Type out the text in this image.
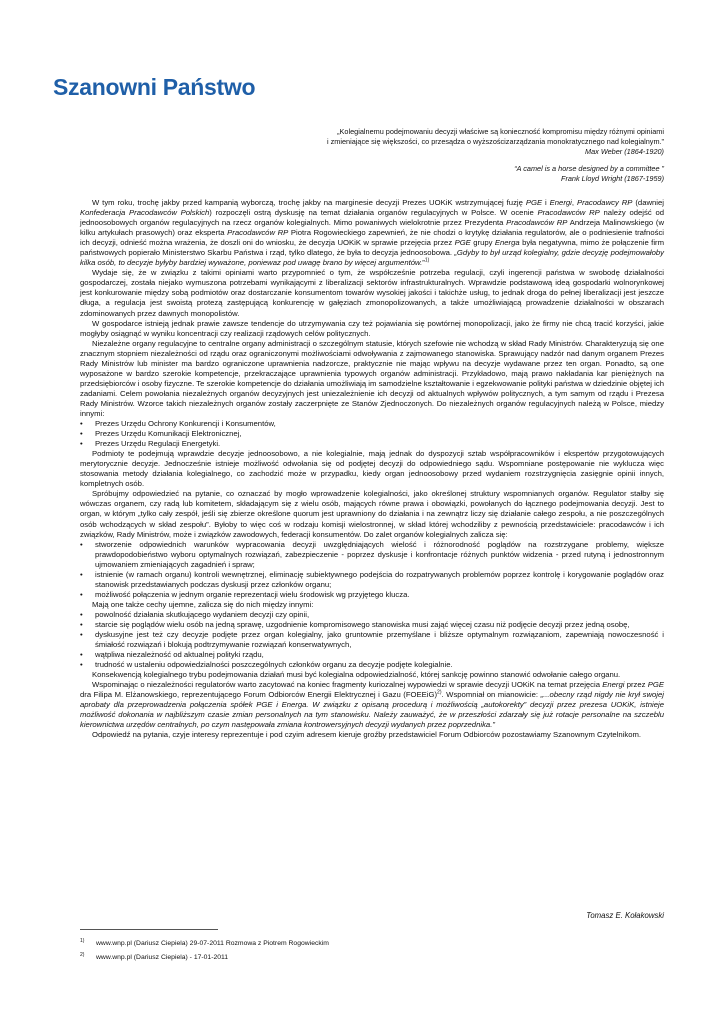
Szanowni Państwo
„Kolegialnemu podejmowaniu decyzji właściwe są konieczność kompromisu między różnymi opiniami
i zmieniające się większości, co przesądza o wyższościzarządzania monokratycznego nad kolegialnym.”
Max Weber (1864-1920)
“A camel is a horse designed by a committee ”
Frank Lloyd Wright (1867-1959)

W tym roku, trochę jakby przed kampanią wyborczą, trochę jakby na marginesie decyzji Prezes UOKiK wstrzymującej fuzję PGE i Energi, Pracodawcy RP (dawniej Konfederacja Pracodawców Polskich) rozpoczęli ostrą dyskusję na temat działania organów regulacyjnych w Polsce. W ocenie Pracodawców RP należy odejść od jednoosobowych organów regulacyjnych na rzecz organów kolegialnych. Mimo powaniwych wielokrotnie przez Prezydenta Pracodawców RP Andrzeja Malinowskiego (w kilku artykułach prasowych) oraz eksperta Pracodawców RP Piotra Rogowieckiego zapewnień, że nie chodzi o krytykę działania regulatorów, ale o podniesienie trafności ich decyzji, odnieść można wrażenia, że doszli oni do wniosku, że decyzja UOKiK w sprawie przejęcia przez PGE grupy Energa była negatywna, mimo że połączenie firm państwowych popierało Ministerstwo Skarbu Państwa i rząd, tylko dlatego, że była to decyzja jednoosobowa. „Gdyby to był urząd kolegialny, gdzie decyzję podejmowałoby kilka osób, to decyzje byłyby bardziej wyważone, poniewaz pod uwagę brano by więcej argumentów.”$^{1)}$

Wydaje się, że w związku z takimi opiniami warto przypomnieć o tym, że współcześnie potrzeba regulacji, czyli ingerencji państwa w swobodę działalności gospodarczej, została niejako wymuszona potrzebami wynikającymi z liberalizacji sektorów infrastrukturalnych. Wprawdzie podstawową ideą gospodarki wolnorynkowej jest konkurowanie między sobą podmiotów oraz dostarczanie konsumentom towarów wysokiej jakości i takichże usług, to jednak droga do pełnej liberalizacji jest jeszcze długa, a regulacja jest swoistą protezą zastępującą konkurencję w gałęziach zmonopolizowanych, a także umożliwiającą prowadzenie działalności w obszarach zdominowanych przez dawnych monopolistów.

W gospodarce istnieją jednak prawie zawsze tendencje do utrzymywania czy też pojawiania się powtórnej monopolizacji, jako że firmy nie chcą tracić korzyści, jakie mogłyby osiągnąć w wyniku koncentracji czy realizacji rządowych celów politycznych.

Niezależne organy regulacyjne to centralne organy administracji o szczególnym statusie, których szefowie nie wchodzą w skład Rady Ministrów. Charakteryzują się one znacznym stopniem niezależności od rządu oraz ograniczonymi możliwościami odwoływania z zajmowanego stanowiska. Sprawujący nadzór nad danym organem Prezes Rady Ministrów lub minister ma bardzo ograniczone uprawnienia nadzorcze, praktycznie nie mając wpływu na decyzje wydawane przez ten organ. Ponadto, są one wyposażone w bardzo szerokie kompetencje, przekraczające uprawnienia typowych organów administracji. Przykładowo, mają prawo nakładania kar pieniężnych na przedsiębiorców i osoby fizyczne. Te szerokie kompetencje do działania umożliwiają im samodzielne kształtowanie i egzekwowanie polityki państwa w dziedzinie objętej ich zadaniami. Celem powołania niezależnych organów decyzyjnych jest uniezależnienie ich decyzji od aktualnych wpływów politycznych, a tym samym od rządu i Prezesa Rady Ministrów. Wzorce takich niezależnych organów zostały zaczerpnięte ze Stanów Zjednoczonych. Do niezależnych organów regulacyjnych należą w Polsce, miedzy innymi:

• Prezes Urzędu Ochrony Konkurencji i Konsumentów,
• Prezes Urzędu Komunikacji Elektronicznej,
• Prezes Urzędu Regulacji Energetyki.

Podmioty te podejmują wprawdzie decyzje jednoosobowo, a nie kolegialnie, mają jednak do dyspozycji sztab współpracowników i ekspertów przygotowujących merytorycznie decyzje. Jednocześnie istnieje możliwość odwołania się od podjętej decyzji do odpowiedniego sądu. Wspomniane postępowanie nie wyklucza więc stosowania metody działania kolegialnego, co zachodzić może w przypadku, kiedy organ jednoosobowy przed wydaniem rozstrzygnięcia zasięgnie opinii innych, kompletnych osób.

Spróbujmy odpowiedzieć na pytanie, co oznaczać by mogło wprowadzenie kolegialności, jako określonej struktury wspomnianych organów. Regulator stałby się wówczas organem, czy radą lub komitetem, składającym się z wielu osób, mających równe prawa i obowiązki, powołanych do łącznego podejmowania decyzji. Jest to organ, w którym „tylko cały zespół, jeśli się zbierze określone quorum jest uprawniony do działania i na zewnątrz liczy się działanie całego zespołu, a nie poszczególnych osób wchodzących w skład zespołu”. Byłoby to więc coś w rodzaju komisji wielostronnej, w skład której wchodziliby z pewnością przedstawiciele: pracodawców i ich związków, Rady Ministrów, może i związków zawodowych, federacji konsumentów. Do zalet organów kolegialnych zalicza się:

• stworzenie odpowiednich warunków wypracowania decyzji uwzględniających wielość i różnorodność poglądów na rozstrzygane problemy, większe prawdopodobieństwo wyboru optymalnych rozwiązań, zabezpieczenie - poprzez dyskusje i konfrontacje różnych punktów widzenia - przed rutyną i jednostronnym ujmowaniem zmieniających zagadnień i spraw;
• istnienie (w ramach organu) kontroli wewnętrznej, eliminację subiektywnego podejścia do rozpatrywanych problemów poprzez kontrolę i korygowanie poglądów oraz stanowisk przedstawianych podczas dyskusji przez członków organu;
• możliwość połączenia w jednym organie reprezentacji wielu środowisk wg przyjętego klucza.

Mają one także cechy ujemne, zalicza się do nich między innymi:

• powolność działania skutkującego wydaniem decyzji czy opinii,
• starcie się poglądów wielu osób na jedną sprawę, uzgodnienie kompromisowego stanowiska musi zająć więcej czasu niż podjęcie decyzji przez jedną osobę,
• dyskusyjne jest też czy decyzje podjęte przez organ kolegialny, jako gruntownie przemyślane i bliższe optymalnym rozwiązaniom, zapewniają nowoczesność i śmiałość rozwiązań i blokują podtrzymywanie rozwiązań konserwatywnych,
• wątpliwa niezależność od aktualnej polityki rządu,
• trudność w ustaleniu odpowiedzialności poszczególnych członków organu za decyzje podjęte kolegialnie.

Konsekwencją kolegialnego trybu podejmowania działań musi być kolegialna odpowiedzialność, której sankcję powinno stanowić odwołanie całego organu.

Wspominając o niezależności regulatorów warto zacytować na koniec fragmenty kuriozalnej wypowiedzi w sprawie decyzji UOKiK na temat przejęcia Energi przez PGE dra Filipa M. Elżanowskiego, reprezentującego Forum Odbiorców Energii Elektrycznej i Gazu (FOEEiG)$^{2)}$. Wspomniał on mianowicie: „...obecny rząd nigdy nie krył swojej aprobaty dla przeprowadzenia połączenia spółek PGE i Energa. W związku z opisaną procedurą i możliwością „autokorekty” decyzji przez prezesa UOKiK, istnieje możliwość dokonania w najbliższym czasie zmian personalnych na tym stanowisku. Należy zauważyć, że w przeszłości zdarzały się już rotacje personalne na szczeblu kierownictwa urzędów centralnych, po czym następowała zmiana kontrowersyjnych decyzji wydanych przez poprzednika.”

Odpowiedź na pytania, czyje interesy reprezentuje i pod czyim adresem kieruje groźby przedstawiciel Forum Odbiorców pozostawiamy Szanownym Czytelnikom.

Tomasz E. Kołakowski
1)	www.wnp.pl (Dariusz Ciepiela) 29-07-2011 Rozmowa z Piotrem Rogowieckim
2)	www.wnp.pl (Dariusz Ciepiela) - 17-01-2011
